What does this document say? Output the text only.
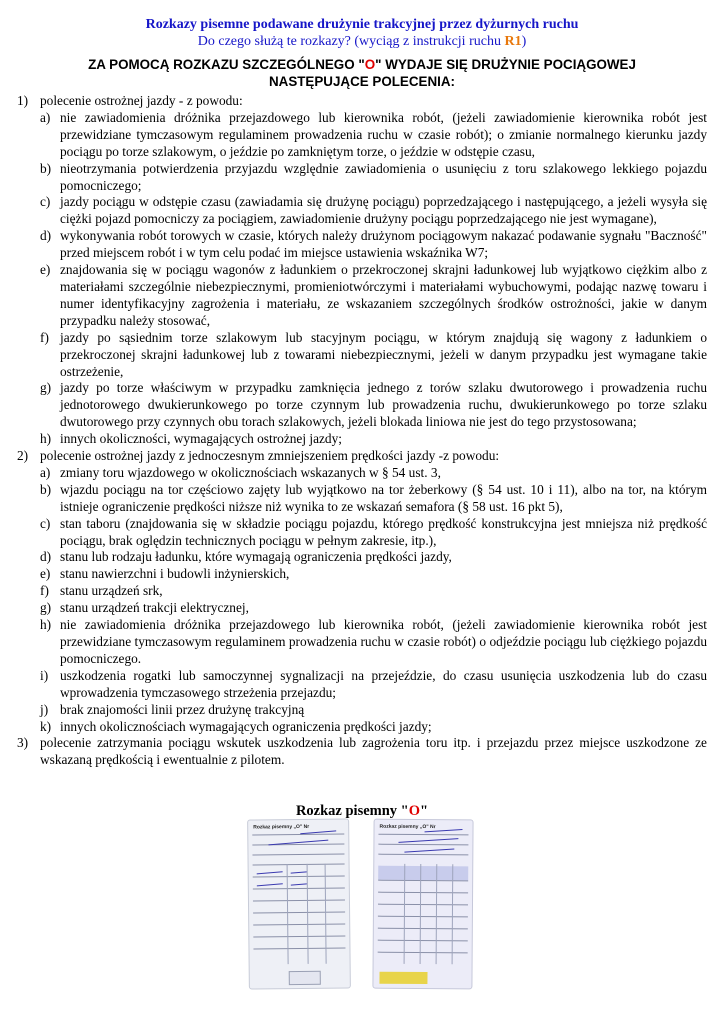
Rozkazy pisemne podawane drużynie trakcyjnej przez dyżurnych ruchu
Do czego służą te rozkazy? (wyciąg z instrukcji ruchu R1)
ZA POMOCĄ ROZKAZU SZCZEGÓLNEGO "O" WYDAJE SIĘ DRUŻYNIE POCIĄGOWEJ
NASTĘPUJĄCE POLECENIA:
1) polecenie ostrożnej jazdy - z powodu:
a) nie zawiadomienia dróżnika przejazdowego lub kierownika robót, (jeżeli zawiadomienie kierownika robót jest przewidziane tymczasowym regulaminem prowadzenia ruchu w czasie robót); o zmianie normalnego kierunku jazdy pociągu po torze szlakowym, o jeździe po zamkniętym torze, o jeździe w odstępie czasu,
b) nieotrzymania potwierdzenia przyjazdu względnie zawiadomienia o usunięciu z toru szlakowego lekkiego pojazdu pomocniczego;
c) jazdy pociągu w odstępie czasu (zawiadamia się drużynę pociągu) poprzedzającego i następującego, a jeżeli wysyła się ciężki pojazd pomocniczy za pociągiem, zawiadomienie drużyny pociągu poprzedzającego nie jest wymagane),
d) wykonywania robót torowych w czasie, których należy drużynom pociągowym nakazać podawanie sygnału "Baczność" przed miejscem robót i w tym celu podać im miejsce ustawienia wskaźnika W7;
e) znajdowania się w pociągu wagonów z ładunkiem o przekroczonej skrajni ładunkowej lub wyjątkowo ciężkim albo z materiałami szczególnie niebezpiecznymi, promieniotwórczymi i materiałami wybuchowymi, podając nazwę towaru i numer identyfikacyjny zagrożenia i materiału, ze wskazaniem szczególnych środków ostrożności, jakie w danym przypadku należy stosować,
f) jazdy po sąsiednim torze szlakowym lub stacyjnym pociągu, w którym znajdują się wagony z ładunkiem o przekroczonej skrajni ładunkowej lub z towarami niebezpiecznymi, jeżeli w danym przypadku jest wymagane takie ostrzeżenie,
g) jazdy po torze właściwym w przypadku zamknięcia jednego z torów szlaku dwutorowego i prowadzenia ruchu jednotorowego dwukierunkowego po torze czynnym lub prowadzenia ruchu, dwukierunkowego po torze szlaku dwutorowego przy czynnych obu torach szlakowych, jeżeli blokada liniowa nie jest do tego przystosowana;
h) innych okoliczności, wymagających ostrożnej jazdy;
2) polecenie ostrożnej jazdy z jednoczesnym zmniejszeniem prędkości jazdy -z powodu:
a) zmiany toru wjazdowego w okolicznościach wskazanych w § 54 ust. 3,
b) wjazdu pociągu na tor częściowo zajęty lub wyjątkowo na tor żeberkowy (§ 54 ust. 10 i 11), albo na tor, na którym istnieje ograniczenie prędkości niższe niż wynika to ze wskazań semafora (§ 58 ust. 16 pkt 5),
c) stan taboru (znajdowania się w składzie pociągu pojazdu, którego prędkość konstrukcyjna jest mniejsza niż prędkość pociągu, brak oględzin technicznych pociągu w pełnym zakresie, itp.),
d) stanu lub rodzaju ładunku, które wymagają ograniczenia prędkości jazdy,
e) stanu nawierzchni i budowli inżynierskich,
f) stanu urządzeń srk,
g) stanu urządzeń trakcji elektrycznej,
h) nie zawiadomienia dróżnika przejazdowego lub kierownika robót, (jeżeli zawiadomienie kierownika robót jest przewidziane tymczasowym regulaminem prowadzenia ruchu w czasie robót) o odjeździe pociągu lub ciężkiego pojazdu pomocniczego.
i) uszkodzenia rogatki lub samoczynnej sygnalizacji na przejeździe, do czasu usunięcia uszkodzenia lub do czasu wprowadzenia tymczasowego strzeżenia przejazdu;
j) brak znajomości linii przez drużynę trakcyjną
k) innych okolicznościach wymagających ograniczenia prędkości jazdy;
3) polecenie zatrzymania pociągu wskutek uszkodzenia lub zagrożenia toru itp. i przejazdu przez miejsce uszkodzone ze wskazaną prędkością i ewentualnie z pilotem.
Rozkaz pisemny "O"
Rozkaz pisemny „O" Nr	Rozkaz pisemny „O" Nr
